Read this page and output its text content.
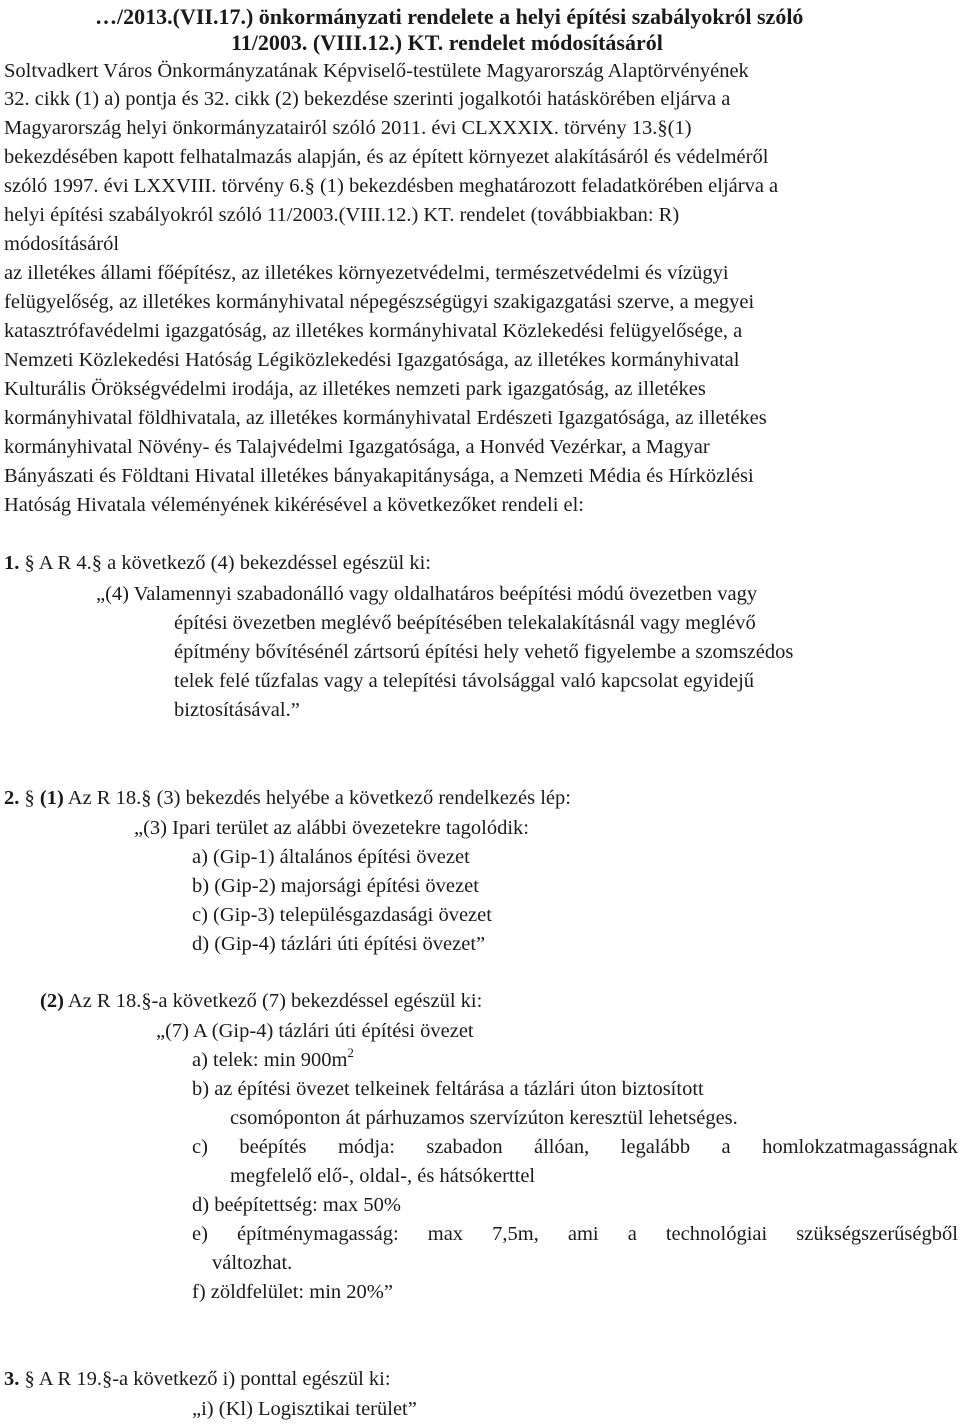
…/2013.(VII.17.) önkormányzati rendelete a helyi építési szabályokról szóló
11/2003. (VIII.12.) KT. rendelet módosításáról
Soltvadkert Város Önkormányzatának Képviselő-testülete Magyarország Alaptörvényének
32. cikk (1) a) pontja és 32. cikk (2) bekezdése szerinti jogalkotói hatáskörében eljárva a
Magyarország helyi önkormányzatairól szóló 2011. évi CLXXXIX. törvény 13.§(1)
bekezdésében kapott felhatalmazás alapján, és az épített környezet alakításáról és védelméről
szóló 1997. évi LXXVIII. törvény 6.§ (1) bekezdésben meghatározott feladatkörében eljárva a
helyi építési szabályokról szóló 11/2003.(VIII.12.) KT. rendelet (továbbiakban: R)
módosításáról
az illetékes állami főépítész, az illetékes környezetvédelmi, természetvédelmi és vízügyi
felügyelőség, az illetékes kormányhivatal népegészségügyi szakigazgatási szerve, a megyei
katasztrófavédelmi igazgatóság, az illetékes kormányhivatal Közlekedési felügyelősége, a
Nemzeti Közlekedési Hatóság Légiközlekedési Igazgatósága, az illetékes kormányhivatal
Kulturális Örökségvédelmi irodája, az illetékes nemzeti park igazgatóság, az illetékes
kormányhivatal földhivatala, az illetékes kormányhivatal Erdészeti Igazgatósága, az illetékes
kormányhivatal Növény- és Talajvédelmi Igazgatósága, a Honvéd Vezérkar, a Magyar
Bányászati és Földtani Hivatal illetékes bányakapitánysága, a Nemzeti Média és Hírközlési
Hatóság Hivatala véleményének kikérésével a következőket rendeli el:
1. § A R 4.§ a következő (4) bekezdéssel egészül ki:
„(4) Valamennyi szabadonálló vagy oldalhatáros beépítési módú övezetben vagy
építési övezetben meglévő beépítésében telekalakításnál vagy meglévő
építmény bővítésénél zártsorú építési hely vehető figyelembe a szomszédos
telek felé tűzfalas vagy a telepítési távolsággal való kapcsolat egyidejű
biztosításával.”
2. § (1) Az R 18.§ (3) bekezdés helyébe a következő rendelkezés lép:
„(3) Ipari terület az alábbi övezetekre tagolódik:
a) (Gip-1) általános építési övezet
b) (Gip-2) majorsági építési övezet
c) (Gip-3) településgazdasági övezet
d) (Gip-4) tázlári úti építési övezet”
(2) Az R 18.§-a következő (7) bekezdéssel egészül ki:
„(7) A (Gip-4) tázlári úti építési övezet
a) telek: $\min 900m^2$
b) az építési övezet telkeinek feltárása a tázlári úton biztosított
csomóponton át párhuzamos szervízúton keresztül lehetséges.
c) beépítés módja: szabadon állóan, legalább a homlokzatmagasságnak
megfelelő elő-, oldal-, és hátsókerttel
d) beépítettség: max 50%
e) építménymagasság: max 7,5m, ami a technológiai szükségszerűségből
változhat.
f) zöldfelület: min 20%”
3. § A R 19.§-a következő i) ponttal egészül ki:
„i) (Kl) Logisztikai terület”
